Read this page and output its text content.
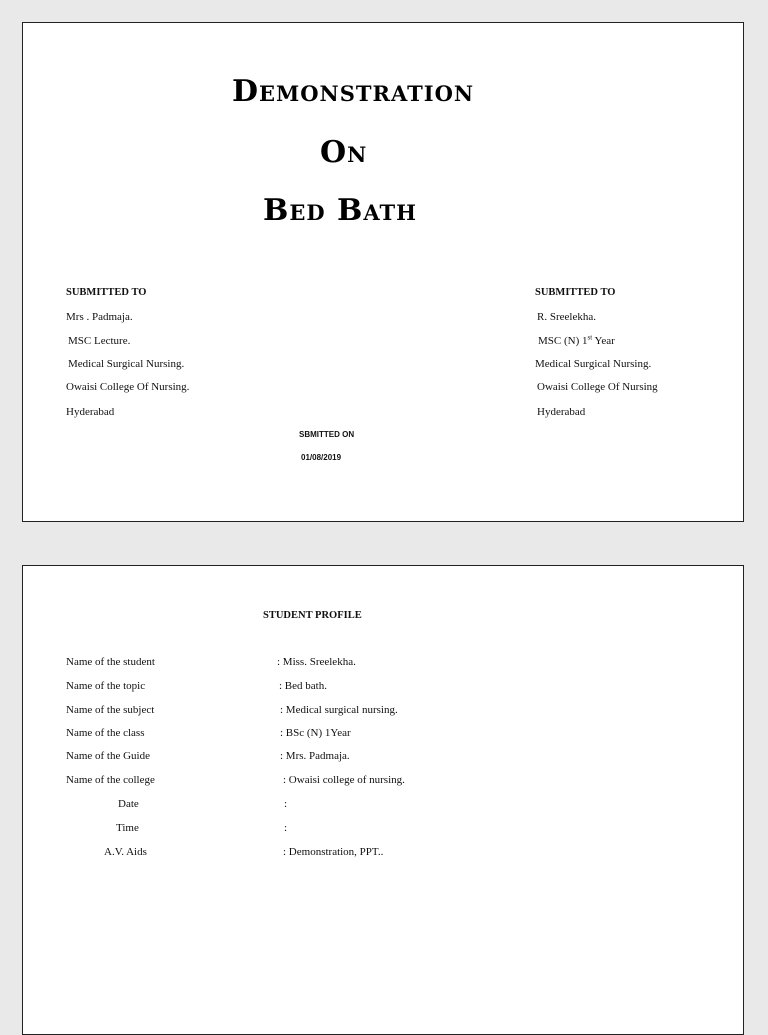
Demonstration
On
Bed Bath
SUBMITTED TO
Mrs . Padmaja.
MSC Lecture.
Medical Surgical Nursing.
Owaisi College Of Nursing.
Hyderabad
SUBMITTED TO
R. Sreelekha.
MSC (N) 1st Year
Medical Surgical Nursing.
Owaisi College Of Nursing
Hyderabad
SBMITTED ON
01/08/2019
STUDENT PROFILE
Name of the student	: Miss. Sreelekha.
Name of the topic	: Bed bath.
Name of the subject	: Medical surgical nursing.
Name of the class	: BSc (N) 1Year
Name of the Guide	: Mrs. Padmaja.
Name of the college	: Owaisi college of nursing.
Date	:
Time	:
A.V. Aids	: Demonstration, PPT..
